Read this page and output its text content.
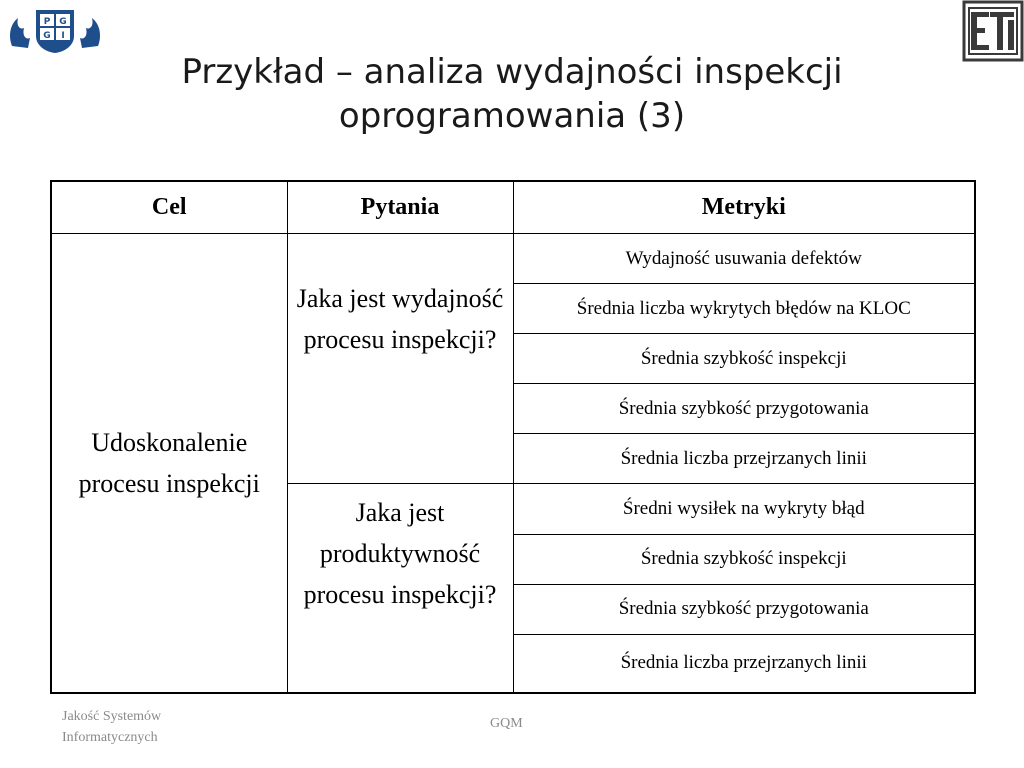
P G
G I
Przykład – analiza wydajności inspekcji
oprogramowania (3)
Cel	Pytania	Metryki
Udoskonalenie procesu inspekcji	Jaka jest wydajność procesu inspekcji?	Wydajność usuwania defektów
		Średnia liczba wykrytych błędów na KLOC
		Średnia szybkość inspekcji
		Średnia szybkość przygotowania
		Średnia liczba przejrzanych linii
	Jaka jest produktywność procesu inspekcji?	Średni wysiłek na wykryty błąd
		Średnia szybkość inspekcji
		Średnia szybkość przygotowania
		Średnia liczba przejrzanych linii
Jakość Systemów
Informatycznych
GQM
